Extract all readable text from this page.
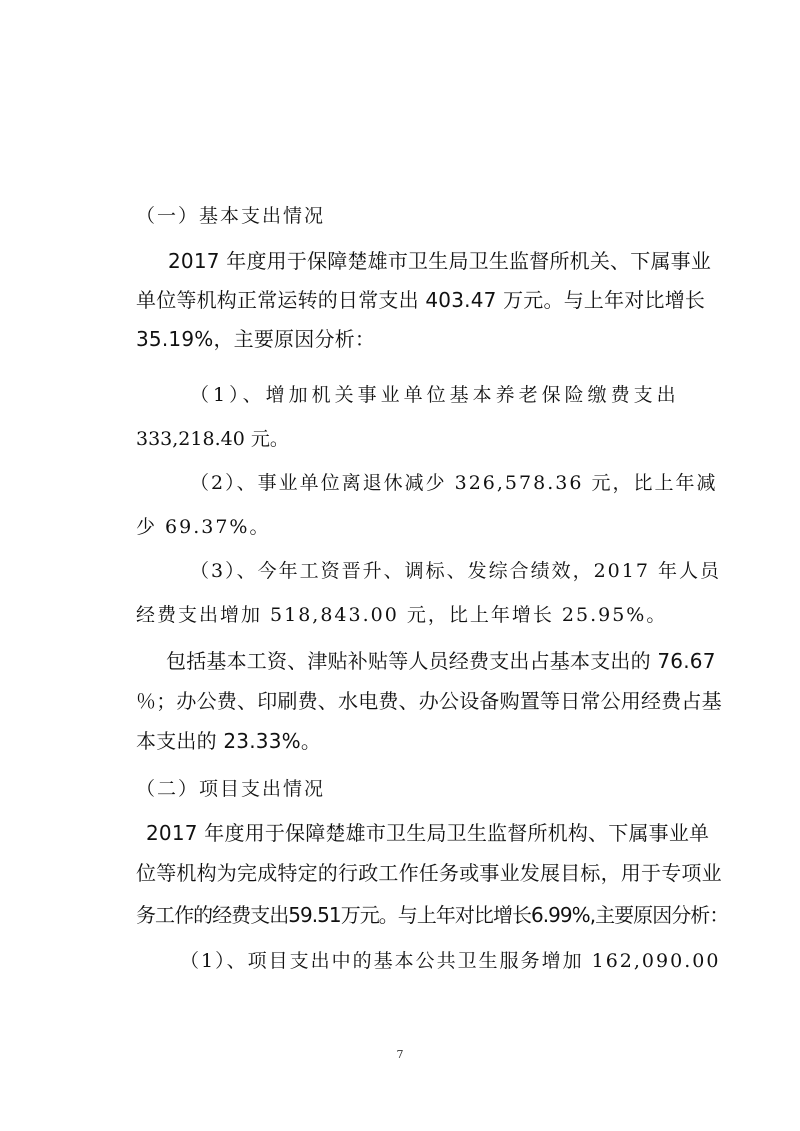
（一）基本支出情况

2017 年度用于保障楚雄市卫生局卫生监督所机关、下属事业

单位等机构正常运转的日常支出 403.47 万元。与上年对比增长

35.19%，主要原因分析：

（1）、增加机关事业单位基本养老保险缴费支出

333,218.40 元。

（2）、事业单位离退休减少 326,578.36 元，比上年减

少 69.37%。

（3）、今年工资晋升、调标、发综合绩效，2017 年人员

经费支出增加 518,843.00 元，比上年增长 25.95%。

包括基本工资、津贴补贴等人员经费支出占基本支出的 76.67

％；办公费、印刷费、水电费、办公设备购置等日常公用经费占基

本支出的 23.33%。

（二）项目支出情况

2017 年度用于保障楚雄市卫生局卫生监督所机构、下属事业单

位等机构为完成特定的行政工作任务或事业发展目标，用于专项业

务工作的经费支出59.51万元。与上年对比增长6.99%,主要原因分析：

（1）、项目支出中的基本公共卫生服务增加 162,090.00

7
